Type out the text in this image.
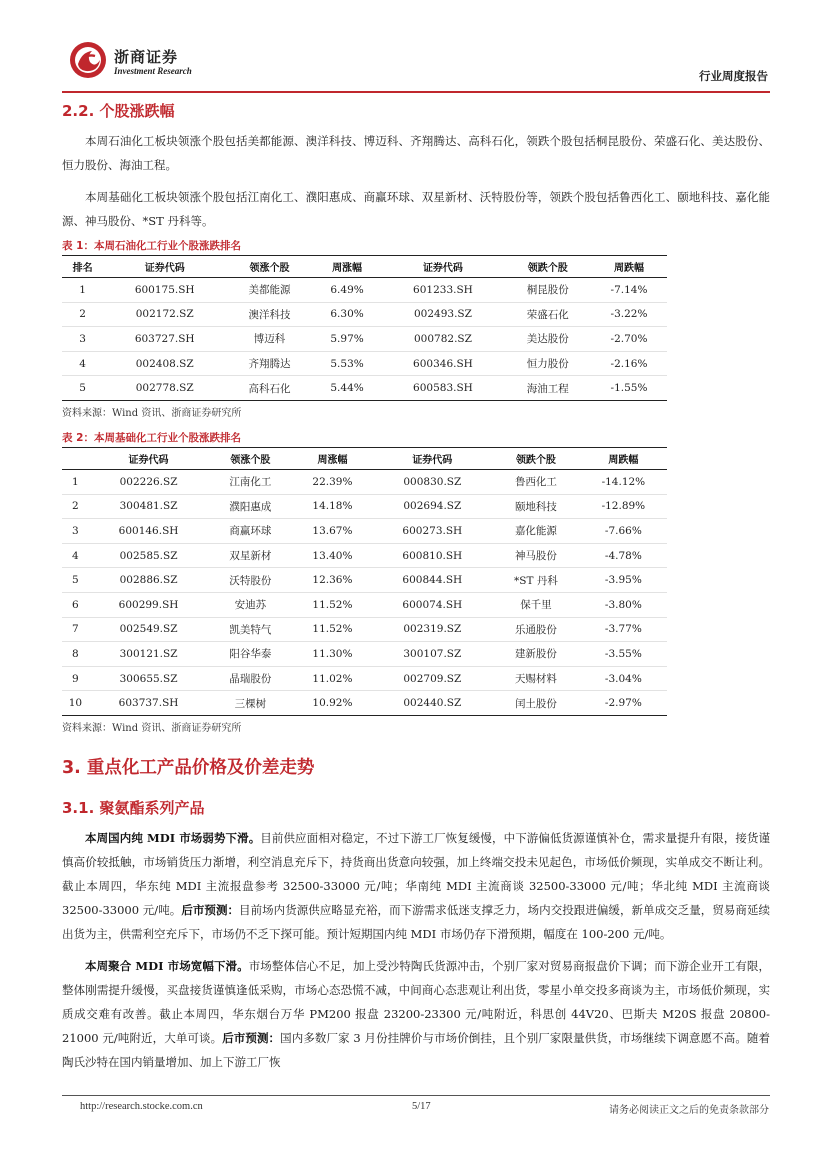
浙商证券
Investment Research	行业周度报告
2.2. 个股涨跌幅

本周石油化工板块领涨个股包括美都能源、澳洋科技、博迈科、齐翔腾达、高科石化，领跌个股包括桐昆股份、荣盛石化、美达股份、恒力股份、海油工程。

本周基础化工板块领涨个股包括江南化工、濮阳惠成、商赢环球、双星新材、沃特股份等，领跌个股包括鲁西化工、颐地科技、嘉化能源、神马股份、*ST 丹科等。

表 1：本周石油化工行业个股涨跌排名
排名	证券代码	领涨个股	周涨幅	证券代码	领跌个股	周跌幅
1	600175.SH	美都能源	6.49%	601233.SH	桐昆股份	-7.14%
2	002172.SZ	澳洋科技	6.30%	002493.SZ	荣盛石化	-3.22%
3	603727.SH	博迈科	5.97%	000782.SZ	美达股份	-2.70%
4	002408.SZ	齐翔腾达	5.53%	600346.SH	恒力股份	-2.16%
5	002778.SZ	高科石化	5.44%	600583.SH	海油工程	-1.55%
资料来源：Wind 资讯、浙商证券研究所
表 2：本周基础化工行业个股涨跌排名
	证券代码	领涨个股	周涨幅	证券代码	领跌个股	周跌幅
1	002226.SZ	江南化工	22.39%	000830.SZ	鲁西化工	-14.12%
2	300481.SZ	濮阳惠成	14.18%	002694.SZ	颐地科技	-12.89%
3	600146.SH	商赢环球	13.67%	600273.SH	嘉化能源	-7.66%
4	002585.SZ	双星新材	13.40%	600810.SH	神马股份	-4.78%
5	002886.SZ	沃特股份	12.36%	600844.SH	*ST 丹科	-3.95%
6	600299.SH	安迪苏	11.52%	600074.SH	保千里	-3.80%
7	002549.SZ	凯美特气	11.52%	002319.SZ	乐通股份	-3.77%
8	300121.SZ	阳谷华泰	11.30%	300107.SZ	建新股份	-3.55%
9	300655.SZ	晶瑞股份	11.02%	002709.SZ	天赐材料	-3.04%
10	603737.SH	三棵树	10.92%	002440.SZ	闰土股份	-2.97%
资料来源：Wind 资讯、浙商证券研究所
3. 重点化工产品价格及价差走势
3.1. 聚氨酯系列产品

本周国内纯 MDI 市场弱势下滑。目前供应面相对稳定，不过下游工厂恢复缓慢，中下游偏低货源谨慎补仓，需求量提升有限，接货谨慎高价较抵触，市场销货压力渐增，利空消息充斥下，持货商出货意向较强，加上终端交投未见起色，市场低价频现，实单成交不断让利。截止本周四，华东纯 MDI 主流报盘参考 32500-33000 元/吨；华南纯 MDI 主流商谈 32500-33000 元/吨；华北纯 MDI 主流商谈 32500-33000 元/吨。后市预测：目前场内货源供应略显充裕，而下游需求低迷支撑乏力，场内交投跟进偏缓，新单成交乏量，贸易商延续出货为主，供需利空充斥下，市场仍不乏下探可能。预计短期国内纯 MDI 市场仍存下滑预期，幅度在 100-200 元/吨。

本周聚合 MDI 市场宽幅下滑。市场整体信心不足，加上受沙特陶氏货源冲击，个别厂家对贸易商报盘价下调；而下游企业开工有限，整体刚需提升缓慢，买盘接货谨慎逢低采购，市场心态恐慌不减，中间商心态悲观让利出货，零星小单交投多商谈为主，市场低价频现，实质成交难有改善。截止本周四，华东烟台万华 PM200 报盘 23200-23300 元/吨附近，科思创 44V20、巴斯夫 M20S 报盘 20800-21000 元/吨附近，大单可谈。后市预测：国内多数厂家 3 月份挂牌价与市场价倒挂，且个别厂家限量供货，市场继续下调意愿不高。随着陶氏沙特在国内销量增加、加上下游工厂恢

http://research.stocke.com.cn	5/17	请务必阅读正文之后的免责条款部分
